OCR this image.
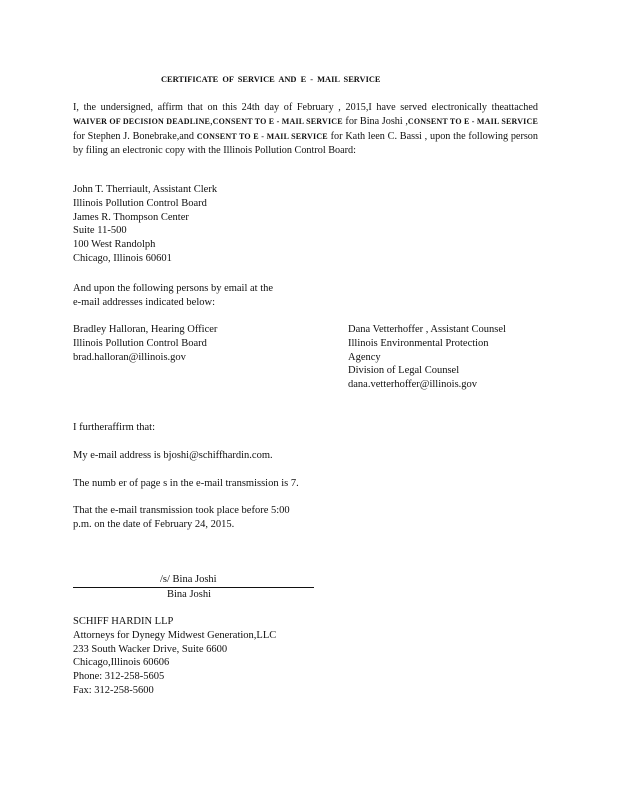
CERTIFICATE OF SERVICE AND E - MAIL SERVICE
I, the undersigned, affirm that on this 24th day of February , 2015,I have served electronically theattached WAIVER OF DECISION DEADLINE,CONSENT TO E - MAIL SERVICE for Bina Joshi ,CONSENT TO E - MAIL SERVICE for Stephen J. Bonebrake,and CONSENT TO E - MAIL SERVICE for Kath leen C. Bassi , upon the following person by filing an electronic copy with the Illinois Pollution Control Board:
John T. Therriault, Assistant Clerk
Illinois Pollution Control Board
James R. Thompson Center
Suite 11-500
100 West Randolph
Chicago, Illinois 60601
And upon the following persons by email at the
e-mail addresses indicated below:
Bradley Halloran, Hearing Officer
Illinois Pollution Control Board
brad.halloran@illinois.gov
Dana Vetterhoffer , Assistant Counsel
Illinois Environmental Protection
Agency
Division of Legal Counsel
dana.vetterhoffer@illinois.gov
I furtheraffirm that:
My e-mail address is bjoshi@schiffhardin.com.
The numb er of page s in the e-mail transmission is 7.
That the e-mail transmission took place before 5:00
p.m. on the date of February 24, 2015.
/s/ Bina Joshi
Bina Joshi
SCHIFF HARDIN LLP
Attorneys for Dynegy Midwest Generation,LLC
233 South Wacker Drive, Suite 6600
Chicago,Illinois 60606
Phone: 312-258-5605
Fax: 312-258-5600
